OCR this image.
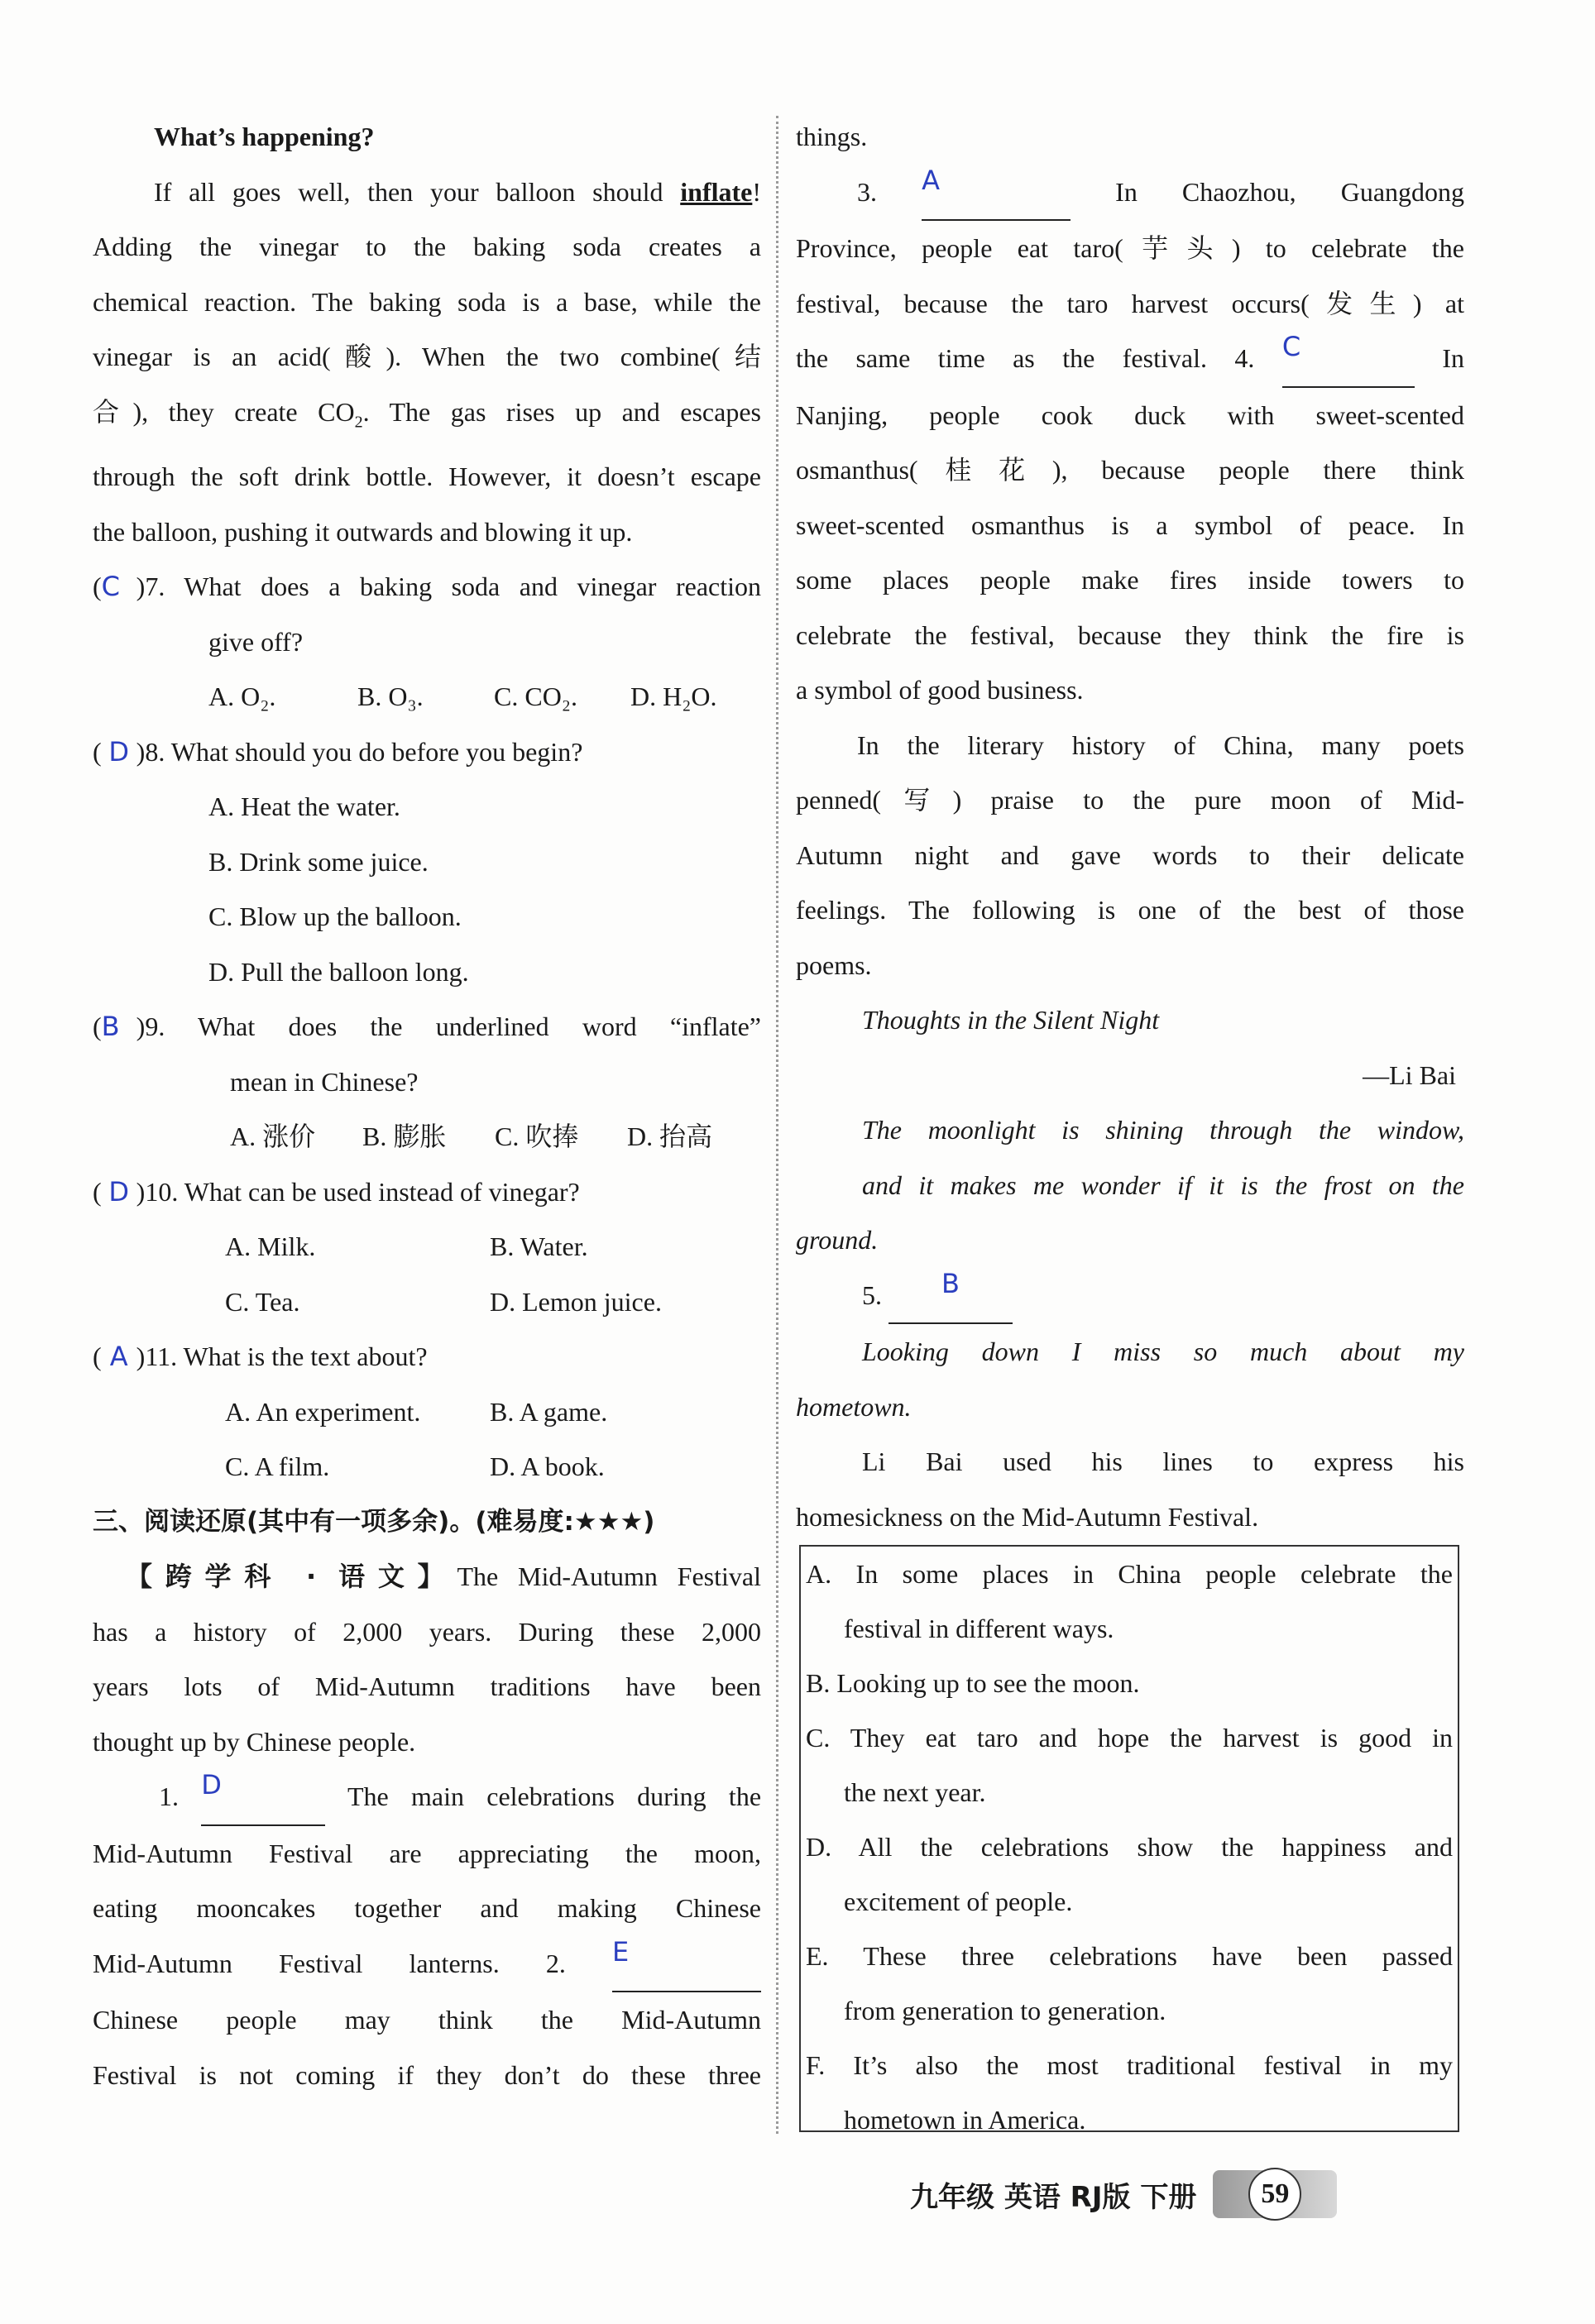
What’s happening?

If all goes well, then your balloon should inflate!

Adding the vinegar to the baking soda creates a

chemical reaction. The baking soda is a base, while the

vinegar is an acid(酸). When the two combine(结

合), they create $CO_2$. The gas rises up and escapes

through the soft drink bottle. However, it doesn’t escape

the balloon, pushing it outwards and blowing it up.

(C )7. What does a baking soda and vinegar reaction

give off?

A. O₂.	B. O₃.	C. CO₂. D. H₂O.

( D )8. What should you do before you begin?

A. Heat the water.

B. Drink some juice.

C. Blow up the balloon.

D. Pull the balloon long.

(B )9. What does the underlined word “inflate”

mean in Chinese?

A. 涨价 B. 膨胀 C. 吹捧 D. 抬高

( D )10. What can be used instead of vinegar?

A. Milk.	B. Water.

C. Tea.	D. Lemon juice.

( A )11. What is the text about?

A. An experiment.	B. A game.

C. A film.	D. A book.

三、阅读还原(其中有一项多余)。(难易度:★★★)

【跨学科 · 语文】The Mid-Autumn Festival

has a history of 2,000 years. During these 2,000

years lots of Mid-Autumn traditions have been

thought up by Chinese people.

1. D	The main celebrations during the

Mid-Autumn Festival are appreciating the moon,

eating mooncakes together and making Chinese

Mid-Autumn Festival lanterns. 2. E

Chinese people may think the Mid-Autumn

Festival is not coming if they don’t do these three

things.

3. A	In Chaozhou, Guangdong

Province, people eat taro(芋头) to celebrate the

festival, because the taro harvest occurs(发生) at

the same time as the festival. 4. C	In

Nanjing, people cook duck with sweet-scented

osmanthus(桂花), because people there think

sweet-scented osmanthus is a symbol of peace. In

some places people make fires inside towers to

celebrate the festival, because they think the fire is

a symbol of good business.

In the literary history of China, many poets

penned(写) praise to the pure moon of Mid-

Autumn night and gave words to their delicate

feelings. The following is one of the best of those

poems.

Thoughts in the Silent Night

—Li Bai

The moonlight is shining through the window,

and it makes me wonder if it is the frost on the

ground.

5. B

Looking down I miss so much about my

hometown.

Li Bai used his lines to express his

homesickness on the Mid-Autumn Festival.

A. In some places in China people celebrate the

festival in different ways.

B. Looking up to see the moon.

C. They eat taro and hope the harvest is good in

the next year.

D. All the celebrations show the happiness and

excitement of people.

E. These three celebrations have been passed

from generation to generation.

F. It’s also the most traditional festival in my

hometown in America.

九年级 英语 RJ版 下册	59
